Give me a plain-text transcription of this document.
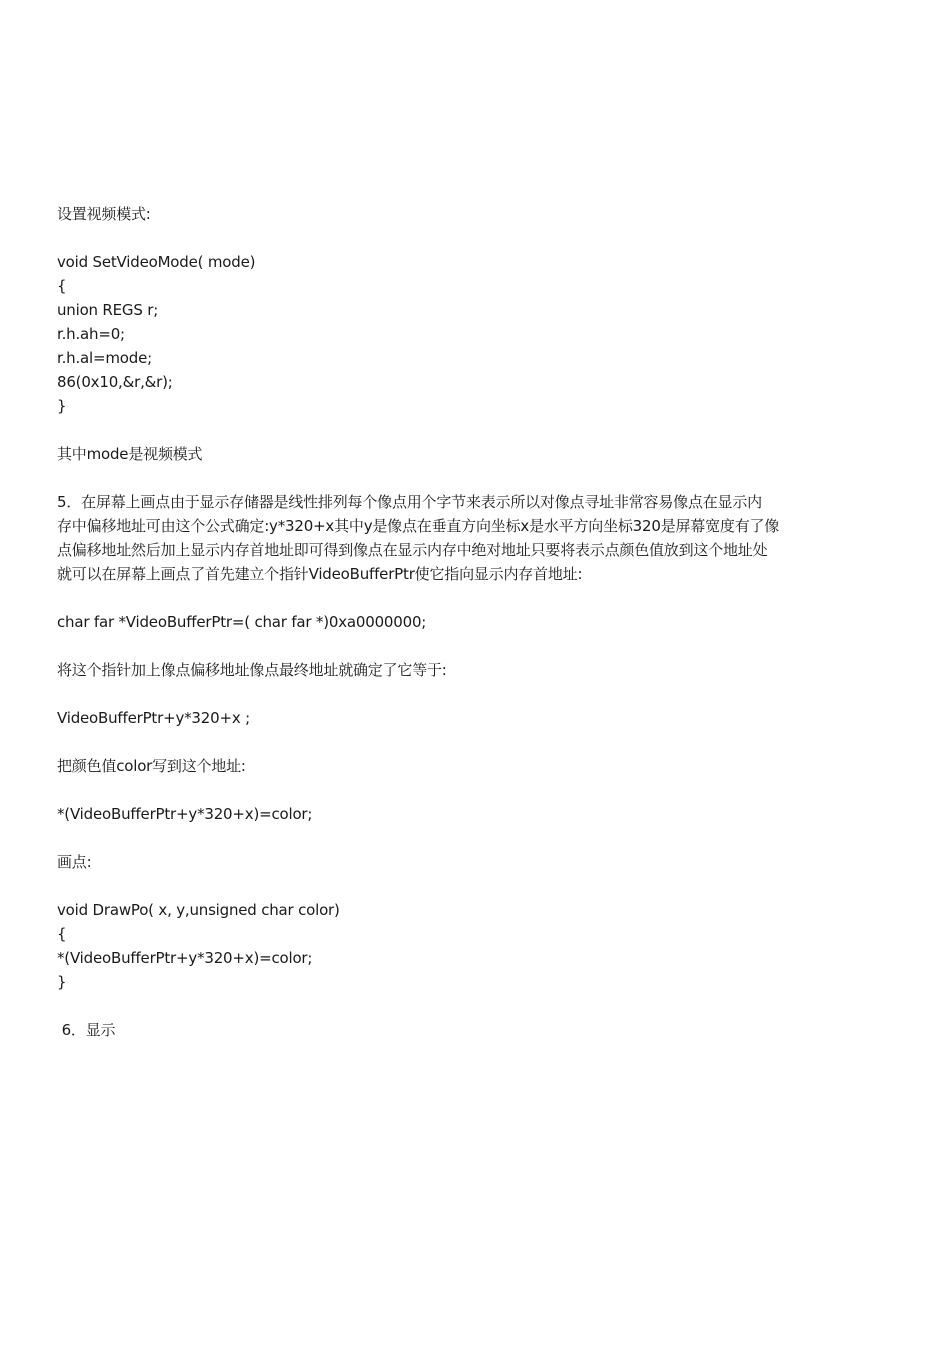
设置视频模式:
void SetVideoMode( mode)
{
union REGS r;
r.h.ah=0;
r.h.al=mode;
86(0x10,&r,&r);
}
其中mode是视频模式
5．在屏幕上画点由于显示存储器是线性排列每个像点用个字节来表示所以对像点寻址非常容易像点在显示内
存中偏移地址可由这个公式确定:y*320+x其中y是像点在垂直方向坐标x是水平方向坐标320是屏幕宽度有了像
点偏移地址然后加上显示内存首地址即可得到像点在显示内存中绝对地址只要将表示点颜色值放到这个地址处
就可以在屏幕上画点了首先建立个指针VideoBufferPtr使它指向显示内存首地址:
char far *VideoBufferPtr=( char far *)0xa0000000;
将这个指针加上像点偏移地址像点最终地址就确定了它等于:
VideoBufferPtr+y*320+x ;
把颜色值color写到这个地址:
*(VideoBufferPtr+y*320+x)=color;
画点:
void DrawPo( x, y,unsigned char color)
{
*(VideoBufferPtr+y*320+x)=color;
}
6．显示
